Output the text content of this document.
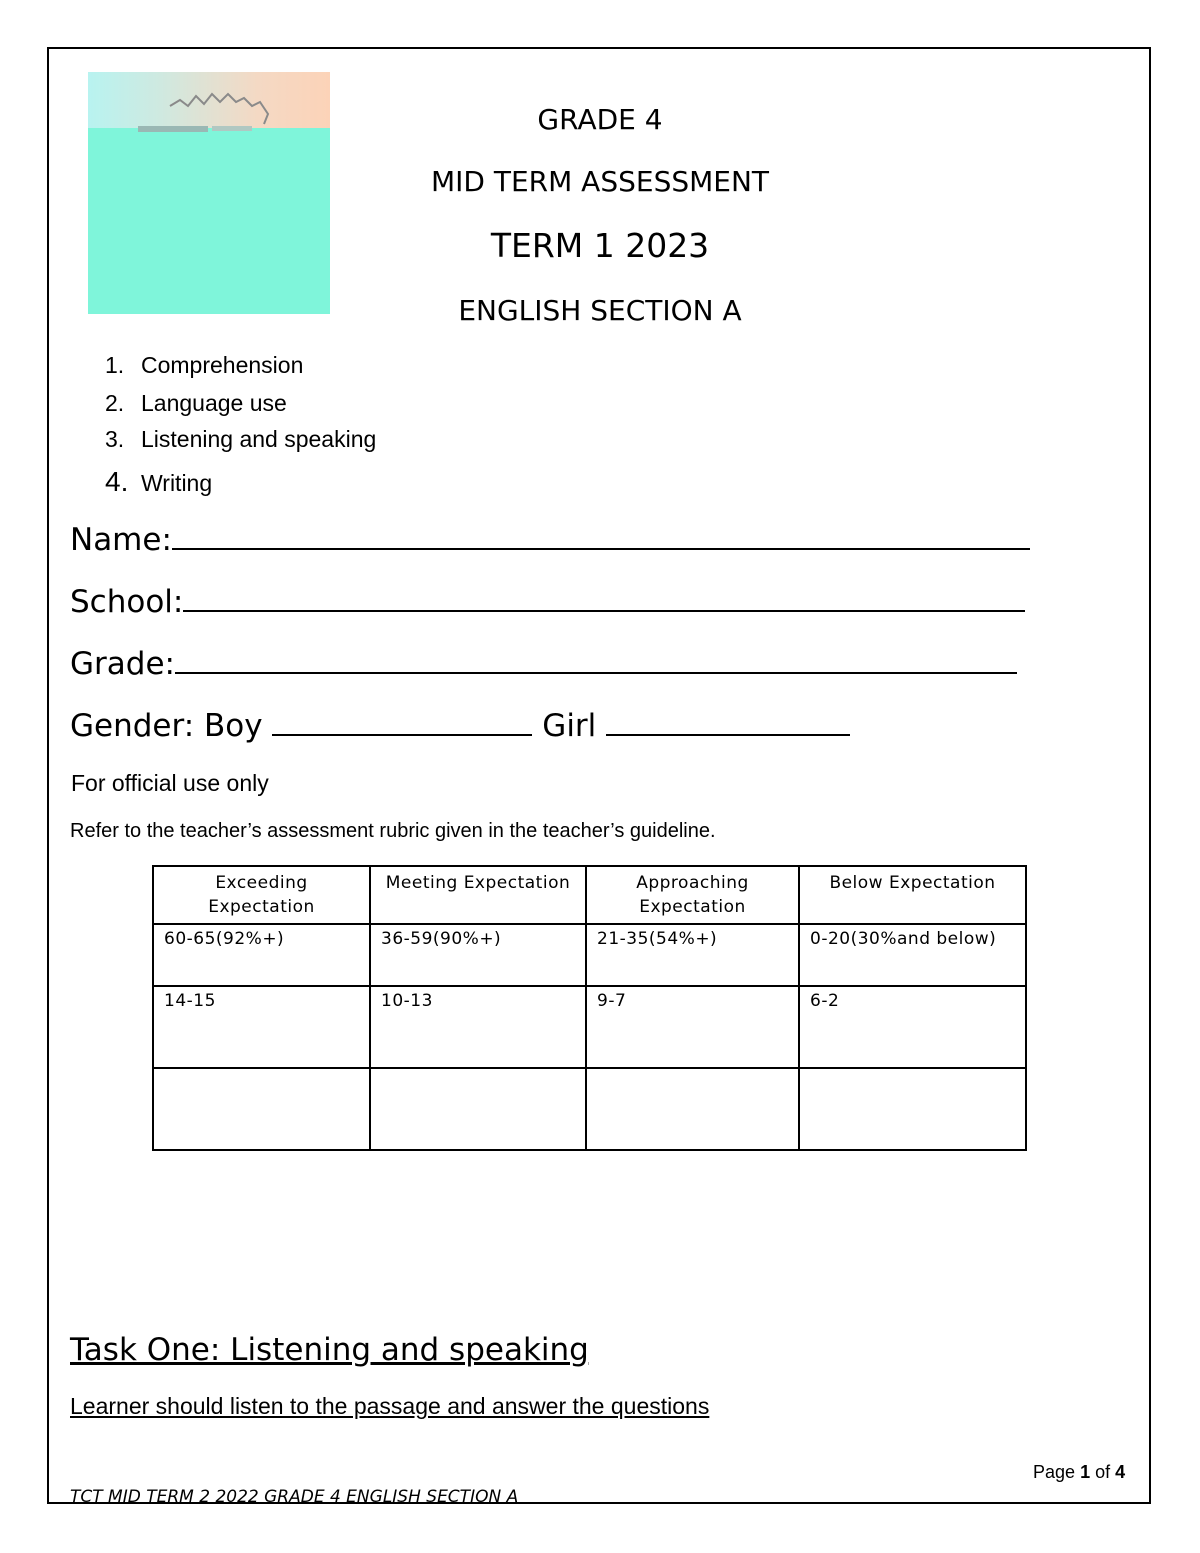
GRADE 4
MID TERM ASSESSMENT
TERM 1 2023
ENGLISH SECTION A
1. Comprehension
2. Language use
3. Listening and speaking
4. Writing
Name:
School:
Grade:
Gender: Boy	Girl
For official use only
Refer to the teacher’s assessment rubric given in the teacher’s guideline.
Exceeding Expectation	Meeting Expectation	Approaching Expectation	Below Expectation
60-65(92%+)	36-59(90%+)	21-35(54%+)	0-20(30%and below)
14-15	10-13	9-7	6-2

Task One: Listening and speaking
Learner should listen to the passage and answer the questions
Page 1 of 4
TCT MID TERM 2 2022 GRADE 4 ENGLISH SECTION A
